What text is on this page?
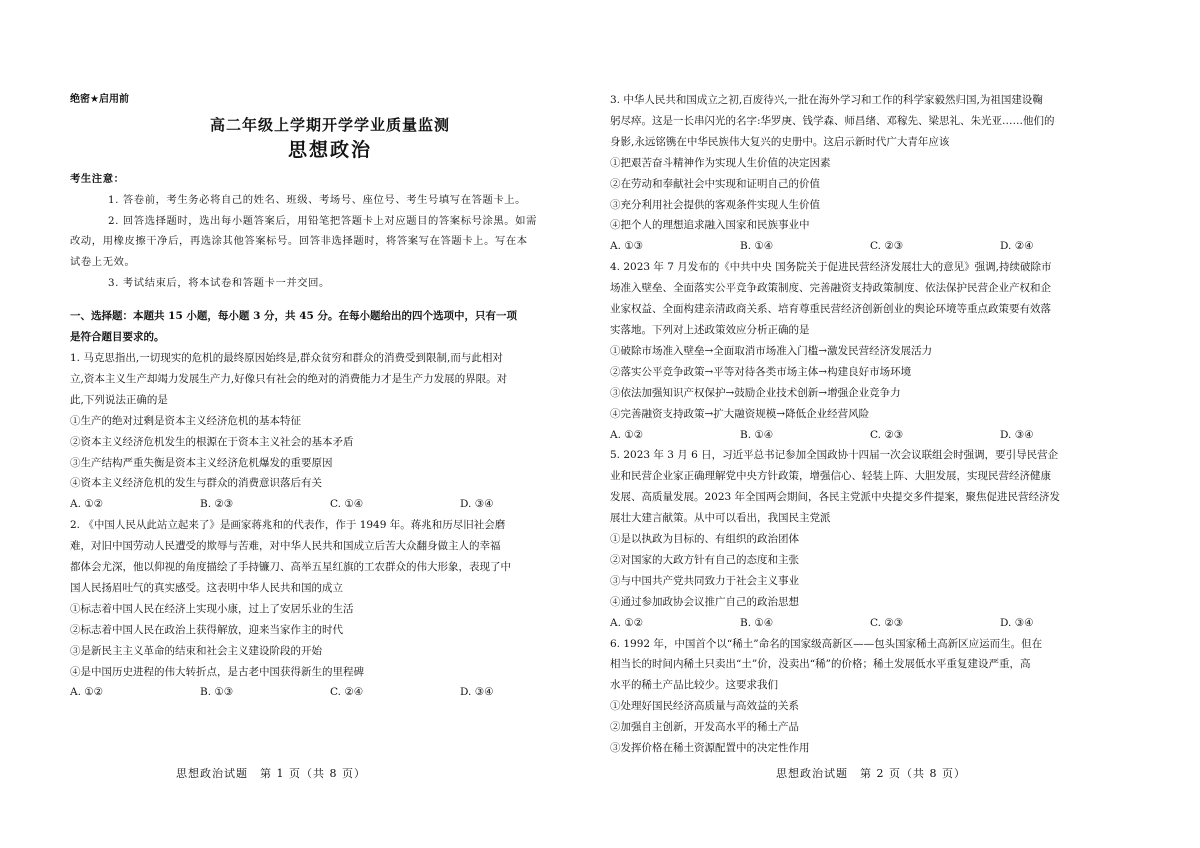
绝密★启用前
高二年级上学期开学学业质量监测
思想政治
考生注意：
1. 答卷前，考生务必将自己的姓名、班级、考场号、座位号、考生号填写在答题卡上。
2. 回答选择题时，选出每小题答案后，用铅笔把答题卡上对应题目的答案标号涂黑。如需
改动，用橡皮擦干净后，再选涂其他答案标号。回答非选择题时，将答案写在答题卡上。写在本
试卷上无效。
3. 考试结束后，将本试卷和答题卡一并交回。
一、选择题：本题共 15 小题，每小题 3 分，共 45 分。在每小题给出的四个选项中，只有一项
是符合题目要求的。
1. 马克思指出,一切现实的危机的最终原因始终是,群众贫穷和群众的消费受到限制,而与此相对
立,资本主义生产却竭力发展生产力,好像只有社会的绝对的消费能力才是生产力发展的界限。对
此,下列说法正确的是
①生产的绝对过剩是资本主义经济危机的基本特征
②资本主义经济危机发生的根源在于资本主义社会的基本矛盾
③生产结构严重失衡是资本主义经济危机爆发的重要原因
④资本主义经济危机的发生与群众的消费意识落后有关
A. ①②	B. ②③	C. ①④	D. ③④
2. 《中国人民从此站立起来了》是画家蒋兆和的代表作，作于 1949 年。蒋兆和历尽旧社会磨
难，对旧中国劳动人民遭受的欺辱与苦难，对中华人民共和国成立后苦大众翻身做主人的幸福
都体会尤深，他以仰视的角度描绘了手持镰刀、高举五星红旗的工农群众的伟大形象，表现了中
国人民扬眉吐气的真实感受。这表明中华人民共和国的成立
①标志着中国人民在经济上实现小康，过上了安居乐业的生活
②标志着中国人民在政治上获得解放，迎来当家作主的时代
③是新民主主义革命的结束和社会主义建设阶段的开始
④是中国历史进程的伟大转折点，是古老中国获得新生的里程碑
A. ①②	B. ①③	C. ②④	D. ③④
3. 中华人民共和国成立之初,百废待兴,一批在海外学习和工作的科学家毅然归国,为祖国建设鞠
躬尽瘁。这是一长串闪光的名字:华罗庚、钱学森、师昌绪、邓稼先、梁思礼、朱光亚……他们的
身影,永远铭镌在中华民族伟大复兴的史册中。这启示新时代广大青年应该
①把艰苦奋斗精神作为实现人生价值的决定因素
②在劳动和奉献社会中实现和证明自己的价值
③充分利用社会提供的客观条件实现人生价值
④把个人的理想追求融入国家和民族事业中
A. ①③	B. ①④	C. ②③	D. ②④
4. 2023 年 7 月发布的《中共中央 国务院关于促进民营经济发展壮大的意见》强调,持续破除市
场准入壁垒、全面落实公平竞争政策制度、完善融资支持政策制度、依法保护民营企业产权和企
业家权益、全面构建亲清政商关系、培育尊重民营经济创新创业的舆论环境等重点政策要有效落
实落地。下列对上述政策效应分析正确的是
①破除市场准入壁垒→全面取消市场准入门槛→激发民营经济发展活力
②落实公平竞争政策→平等对待各类市场主体→构建良好市场环境
③依法加强知识产权保护→鼓励企业技术创新→增强企业竞争力
④完善融资支持政策→扩大融资规模→降低企业经营风险
A. ①②	B. ①④	C. ②③	D. ③④
5. 2023 年 3 月 6 日，习近平总书记参加全国政协十四届一次会议联组会时强调，要引导民营企
业和民营企业家正确理解党中央方针政策，增强信心、轻装上阵、大胆发展，实现民营经济健康
发展、高质量发展。2023 年全国两会期间，各民主党派中央提交多件提案，聚焦促进民营经济发
展壮大建言献策。从中可以看出，我国民主党派
①是以执政为目标的、有组织的政治团体
②对国家的大政方针有自己的态度和主张
③与中国共产党共同致力于社会主义事业
④通过参加政协会议推广自己的政治思想
A. ①②	B. ①④	C. ②③	D. ③④
6. 1992 年，中国首个以“稀土”命名的国家级高新区——包头国家稀土高新区应运而生。但在
相当长的时间内稀土只卖出“土”价，没卖出“稀”的价格；稀土发展低水平重复建设严重，高
水平的稀土产品比较少。这要求我们
①处理好国民经济高质量与高效益的关系
②加强自主创新，开发高水平的稀土产品
③发挥价格在稀土资源配置中的决定性作用
思想政治试题　第 1 页（共 8 页）	思想政治试题　第 2 页（共 8 页）
